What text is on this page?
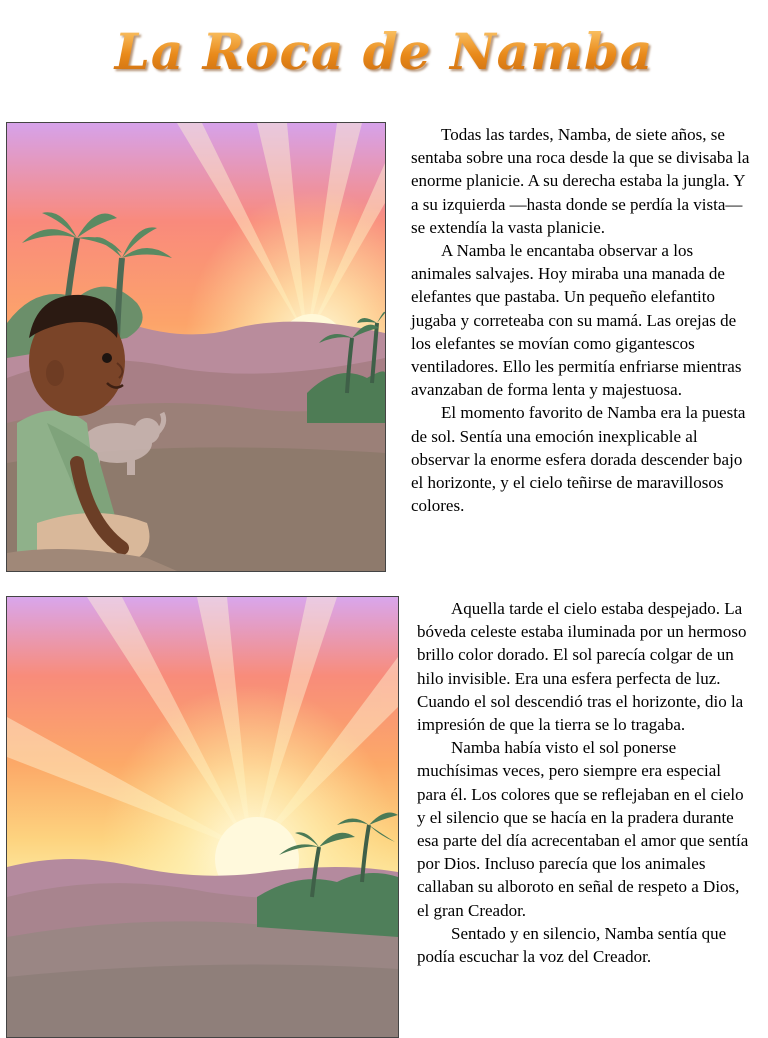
La Roca de Namba

Todas las tardes, Namba, de siete años, se sentaba sobre una roca desde la que se divisaba la enorme planicie. A su derecha estaba la jungla. Y a su izquierda —hasta donde se perdía la vista— se extendía la vasta planicie.

A Namba le encantaba observar a los animales salvajes. Hoy miraba una manada de elefantes que pastaba. Un pequeño elefantito jugaba y correteaba con su mamá. Las orejas de los elefantes se movían como gigantescos ventiladores. Ello les permitía enfriarse mientras avanzaban de forma lenta y majestuosa.

El momento favorito de Namba era la puesta de sol. Sentía una emoción inexplicable al observar la enorme esfera dorada descender bajo el horizonte, y el cielo teñirse de maravillosos colores.

Aquella tarde el cielo estaba despejado. La bóveda celeste estaba iluminada por un hermoso brillo color dorado. El sol parecía colgar de un hilo invisible. Era una esfera perfecta de luz. Cuando el sol descendió tras el horizonte, dio la impresión de que la tierra se lo tragaba.

Namba había visto el sol ponerse muchísimas veces, pero siempre era especial para él. Los colores que se reflejaban en el cielo y el silencio que se hacía en la pradera durante esa parte del día acrecentaban el amor que sentía por Dios. Incluso parecía que los animales callaban su alboroto en señal de respeto a Dios, el gran Creador.

Sentado y en silencio, Namba sentía que podía escuchar la voz del Creador.
